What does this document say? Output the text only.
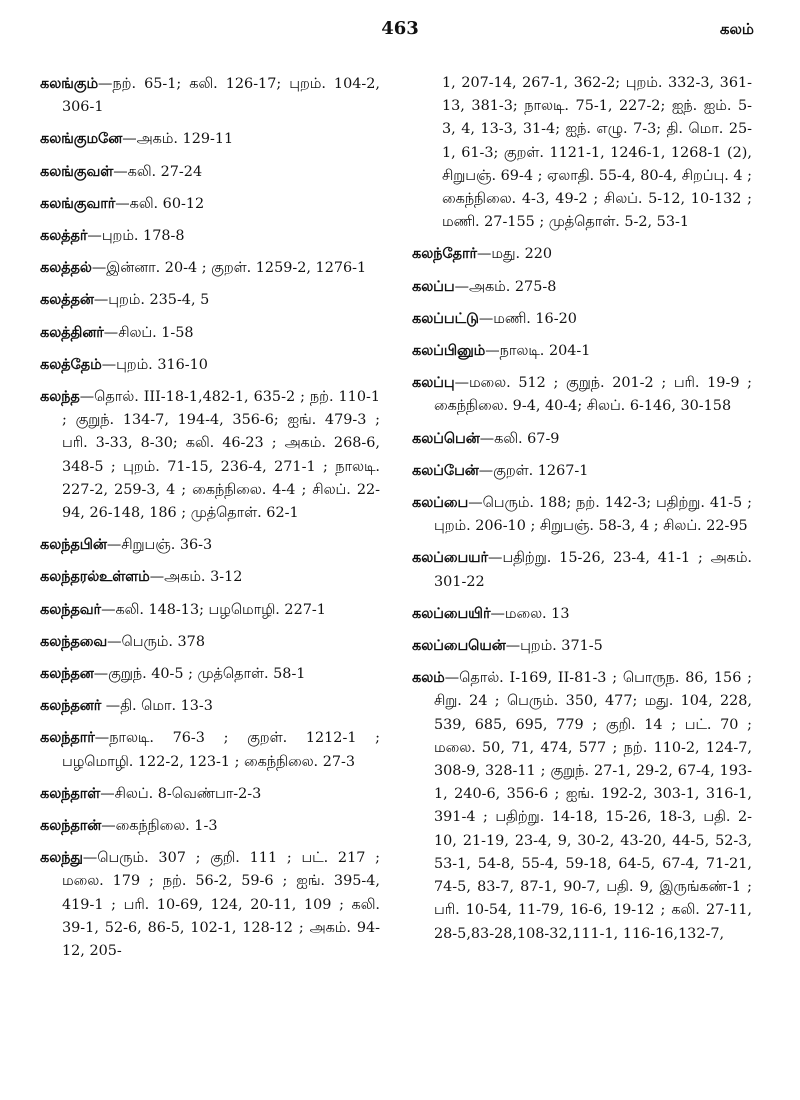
463	கலம்

கலங்கும்—நற். 65-1; கலி. 126-17; புறம். 104-2, 306-1

கலங்குமனே—அகம். 129-11

கலங்குவள்—கலி. 27-24

கலங்குவார்—கலி. 60-12

கலத்தர்—புறம். 178-8

கலத்தல்—இன்னா. 20-4 ; குறள். 1259-2, 1276-1

கலத்தன்—புறம். 235-4, 5

கலத்தினர்—சிலப். 1-58

கலத்தேம்—புறம். 316-10

கலந்த—தொல். III-18-1,482-1, 635-2 ; நற். 110-1 ; குறுந். 134-7, 194-4, 356-6; ஐங். 479-3 ; பரி. 3-33, 8-30; கலி. 46-23 ; அகம். 268-6, 348-5 ; புறம். 71-15, 236-4, 271-1 ; நாலடி. 227-2, 259-3, 4 ; கைந்நிலை. 4-4 ; சிலப். 22-94, 26-148, 186 ; முத்தொள். 62-1

கலந்தபின்—சிறுபஞ். 36-3

கலந்தரல்உள்ளம்—அகம். 3-12

கலந்தவர்—கலி. 148-13; பழமொழி. 227-1

கலந்தவை—பெரும். 378

கலந்தன—குறுந். 40-5 ; முத்தொள். 58-1

கலந்தனர் —தி. மொ. 13-3

கலந்தார்—நாலடி. 76-3 ; குறள். 1212-1 ; பழமொழி. 122-2, 123-1 ; கைந்நிலை. 27-3

கலந்தாள்—சிலப். 8-வெண்பா-2-3

கலந்தான்—கைந்நிலை. 1-3

கலந்து—பெரும். 307 ; குறி. 111 ; பட். 217 ; மலை. 179 ; நற். 56-2, 59-6 ; ஐங். 395-4, 419-1 ; பரி. 10-69, 124, 20-11, 109 ; கலி. 39-1, 52-6, 86-5, 102-1, 128-12 ; அகம். 94-12, 205-

1, 207-14, 267-1, 362-2; புறம். 332-3, 361-13, 381-3; நாலடி. 75-1, 227-2; ஐந். ஐம். 5-3, 4, 13-3, 31-4; ஐந். எழு. 7-3; தி. மொ. 25-1, 61-3; குறள். 1121-1, 1246-1, 1268-1 (2), சிறுபஞ். 69-4 ; ஏலாதி. 55-4, 80-4, சிறப்பு. 4 ; கைந்நிலை. 4-3, 49-2 ; சிலப். 5-12, 10-132 ; மணி. 27-155 ; முத்தொள். 5-2, 53-1

கலந்தோர்—மது. 220

கலப்ப—அகம். 275-8

கலப்பட்டு—மணி. 16-20

கலப்பினும்—நாலடி. 204-1

கலப்பு—மலை. 512 ; குறுந். 201-2 ; பரி. 19-9 ; கைந்நிலை. 9-4, 40-4; சிலப். 6-146, 30-158

கலப்பென்—கலி. 67-9

கலப்பேன்—குறள். 1267-1

கலப்பை—பெரும். 188; நற். 142-3; பதிற்று. 41-5 ; புறம். 206-10 ; சிறுபஞ். 58-3, 4 ; சிலப். 22-95

கலப்பையர்—பதிற்று. 15-26, 23-4, 41-1 ; அகம். 301-22

கலப்பையிர்—மலை. 13

கலப்பையென்—புறம். 371-5

கலம்—தொல். I-169, II-81-3 ; பொருந. 86, 156 ; சிறு. 24 ; பெரும். 350, 477; மது. 104, 228, 539, 685, 695, 779 ; குறி. 14 ; பட். 70 ; மலை. 50, 71, 474, 577 ; நற். 110-2, 124-7, 308-9, 328-11 ; குறுந். 27-1, 29-2, 67-4, 193-1, 240-6, 356-6 ; ஐங். 192-2, 303-1, 316-1, 391-4 ; பதிற்று. 14-18, 15-26, 18-3, பதி. 2-10, 21-19, 23-4, 9, 30-2, 43-20, 44-5, 52-3, 53-1, 54-8, 55-4, 59-18, 64-5, 67-4, 71-21, 74-5, 83-7, 87-1, 90-7, பதி. 9, இருங்கண்-1 ; பரி. 10-54, 11-79, 16-6, 19-12 ; கலி. 27-11, 28-5,83-28,108-32,111-1, 116-16,132-7,
